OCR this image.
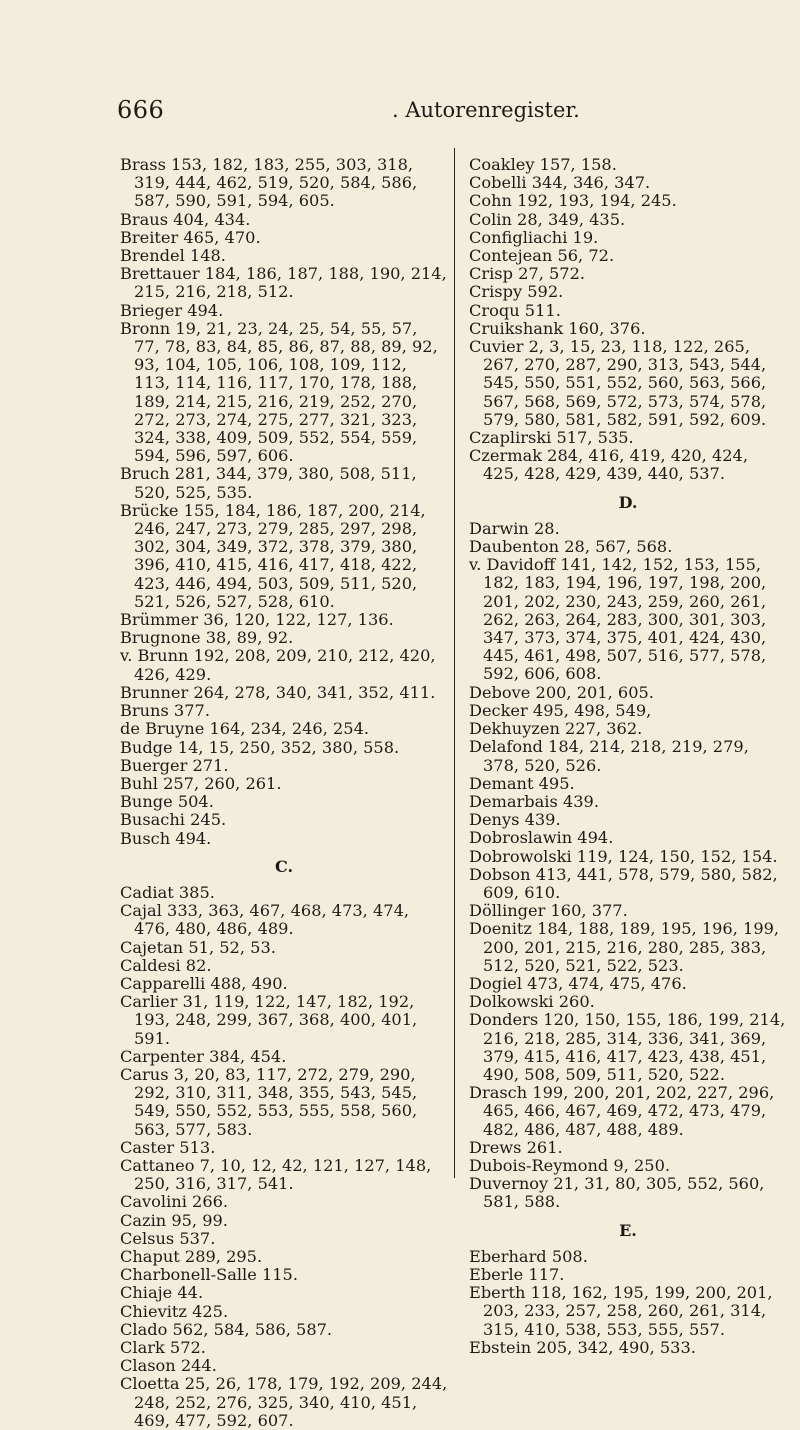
666	. Autorenregister.
Brass 153, 182, 183, 255, 303, 318, 319, 444, 462, 519, 520, 584, 586, 587, 590, 591, 594, 605.
Braus 404, 434.
Breiter 465, 470.
Brendel 148.
Brettauer 184, 186, 187, 188, 190, 214, 215, 216, 218, 512.
Brieger 494.
Bronn 19, 21, 23, 24, 25, 54, 55, 57, 77, 78, 83, 84, 85, 86, 87, 88, 89, 92, 93, 104, 105, 106, 108, 109, 112, 113, 114, 116, 117, 170, 178, 188, 189, 214, 215, 216, 219, 252, 270, 272, 273, 274, 275, 277, 321, 323, 324, 338, 409, 509, 552, 554, 559, 594, 596, 597, 606.
Bruch 281, 344, 379, 380, 508, 511, 520, 525, 535.
Brücke 155, 184, 186, 187, 200, 214, 246, 247, 273, 279, 285, 297, 298, 302, 304, 349, 372, 378, 379, 380, 396, 410, 415, 416, 417, 418, 422, 423, 446, 494, 503, 509, 511, 520, 521, 526, 527, 528, 610.
Brümmer 36, 120, 122, 127, 136.
Brugnone 38, 89, 92.
v. Brunn 192, 208, 209, 210, 212, 420, 426, 429.
Brunner 264, 278, 340, 341, 352, 411.
Bruns 377.
de Bruyne 164, 234, 246, 254.
Budge 14, 15, 250, 352, 380, 558.
Buerger 271.
Buhl 257, 260, 261.
Bunge 504.
Busachi 245.
Busch 494.
C.
Cadiat 385.
Cajal 333, 363, 467, 468, 473, 474, 476, 480, 486, 489.
Cajetan 51, 52, 53.
Caldesi 82.
Capparelli 488, 490.
Carlier 31, 119, 122, 147, 182, 192, 193, 248, 299, 367, 368, 400, 401, 591.
Carpenter 384, 454.
Carus 3, 20, 83, 117, 272, 279, 290, 292, 310, 311, 348, 355, 543, 545, 549, 550, 552, 553, 555, 558, 560, 563, 577, 583.
Caster 513.
Cattaneo 7, 10, 12, 42, 121, 127, 148, 250, 316, 317, 541.
Cavolini 266.
Cazin 95, 99.
Celsus 537.
Chaput 289, 295.
Charbonell-Salle 115.
Chiaje 44.
Chievitz 425.
Clado 562, 584, 586, 587.
Clark 572.
Clason 244.
Cloetta 25, 26, 178, 179, 192, 209, 244, 248, 252, 276, 325, 340, 410, 451, 469, 477, 592, 607.
Coakley 157, 158.
Cobelli 344, 346, 347.
Cohn 192, 193, 194, 245.
Colin 28, 349, 435.
Configliachi 19.
Contejean 56, 72.
Crisp 27, 572.
Crispy 592.
Croqu 511.
Cruikshank 160, 376.
Cuvier 2, 3, 15, 23, 118, 122, 265, 267, 270, 287, 290, 313, 543, 544, 545, 550, 551, 552, 560, 563, 566, 567, 568, 569, 572, 573, 574, 578, 579, 580, 581, 582, 591, 592, 609.
Czaplirski 517, 535.
Czermak 284, 416, 419, 420, 424, 425, 428, 429, 439, 440, 537.
D.
Darwin 28.
Daubenton 28, 567, 568.
v. Davidoff 141, 142, 152, 153, 155, 182, 183, 194, 196, 197, 198, 200, 201, 202, 230, 243, 259, 260, 261, 262, 263, 264, 283, 300, 301, 303, 347, 373, 374, 375, 401, 424, 430, 445, 461, 498, 507, 516, 577, 578, 592, 606, 608.
Debove 200, 201, 605.
Decker 495, 498, 549,
Dekhuyzen 227, 362.
Delafond 184, 214, 218, 219, 279, 378, 520, 526.
Demant 495.
Demarbais 439.
Denys 439.
Dobroslawin 494.
Dobrowolski 119, 124, 150, 152, 154.
Dobson 413, 441, 578, 579, 580, 582, 609, 610.
Döllinger 160, 377.
Doenitz 184, 188, 189, 195, 196, 199, 200, 201, 215, 216, 280, 285, 383, 512, 520, 521, 522, 523.
Dogiel 473, 474, 475, 476.
Dolkowski 260.
Donders 120, 150, 155, 186, 199, 214, 216, 218, 285, 314, 336, 341, 369, 379, 415, 416, 417, 423, 438, 451, 490, 508, 509, 511, 520, 522.
Drasch 199, 200, 201, 202, 227, 296, 465, 466, 467, 469, 472, 473, 479, 482, 486, 487, 488, 489.
Drews 261.
Dubois-Reymond 9, 250.
Duvernoy 21, 31, 80, 305, 552, 560, 581, 588.
E.
Eberhard 508.
Eberle 117.
Eberth 118, 162, 195, 199, 200, 201, 203, 233, 257, 258, 260, 261, 314, 315, 410, 538, 553, 555, 557.
Ebstein 205, 342, 490, 533.
